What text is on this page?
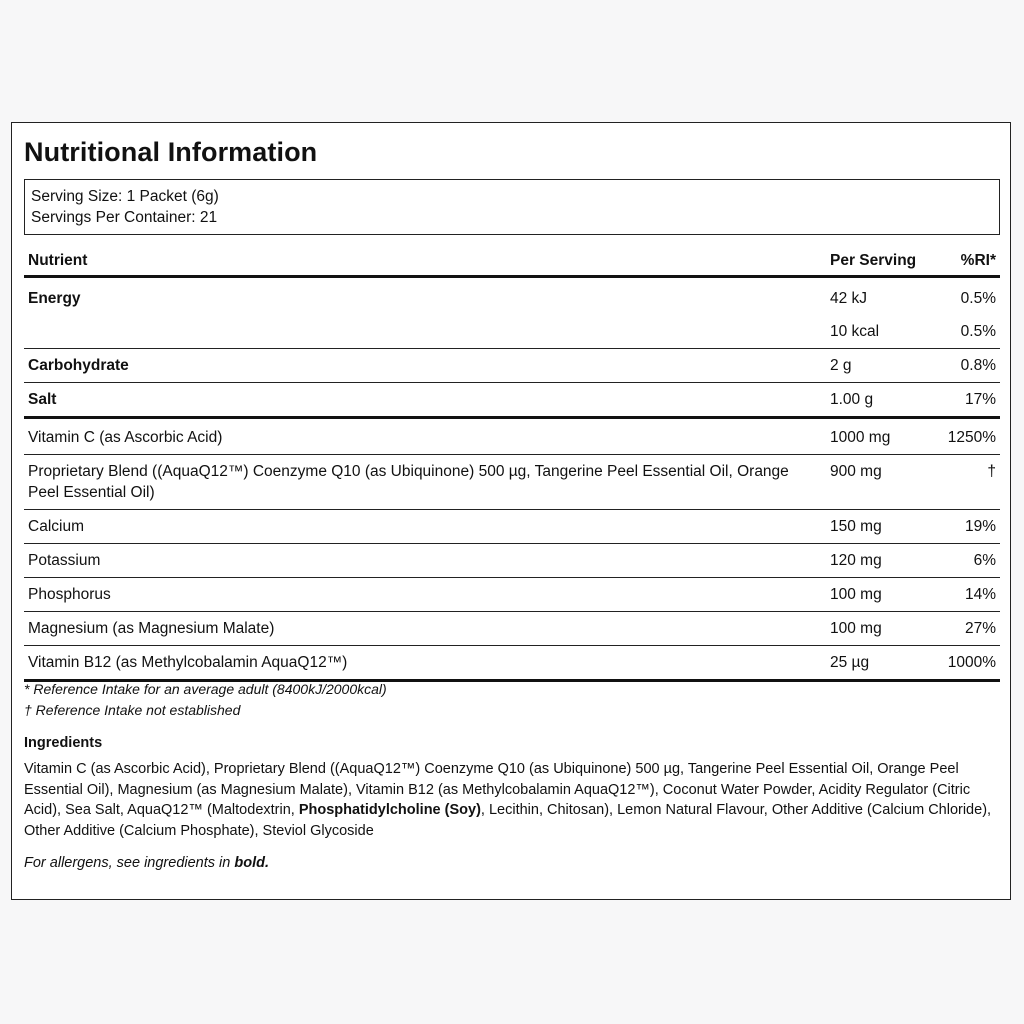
Nutritional Information
Serving Size: 1 Packet (6g)
Servings Per Container: 21
Nutrient	Per Serving	%RI*
Energy	42 kJ	0.5%
	10 kcal	0.5%
Carbohydrate	2 g	0.8%
Salt	1.00 g	17%
Vitamin C (as Ascorbic Acid)	1000 mg	1250%
Proprietary Blend ((AquaQ12™) Coenzyme Q10 (as Ubiquinone) 500 µg, Tangerine Peel Essential Oil, Orange Peel Essential Oil)	900 mg	†
Calcium	150 mg	19%
Potassium	120 mg	6%
Phosphorus	100 mg	14%
Magnesium (as Magnesium Malate)	100 mg	27%
Vitamin B12 (as Methylcobalamin AquaQ12™)	25 µg	1000%
* Reference Intake for an average adult (8400kJ/2000kcal)
† Reference Intake not established
Ingredients

Vitamin C (as Ascorbic Acid), Proprietary Blend ((AquaQ12™) Coenzyme Q10 (as Ubiquinone) 500 µg, Tangerine Peel Essential Oil, Orange Peel Essential Oil), Magnesium (as Magnesium Malate), Vitamin B12 (as Methylcobalamin AquaQ12™), Coconut Water Powder, Acidity Regulator (Citric Acid), Sea Salt, AquaQ12™ (Maltodextrin, Phosphatidylcholine (Soy), Lecithin, Chitosan), Lemon Natural Flavour, Other Additive (Calcium Chloride), Other Additive (Calcium Phosphate), Steviol Glycoside

For allergens, see ingredients in bold.
